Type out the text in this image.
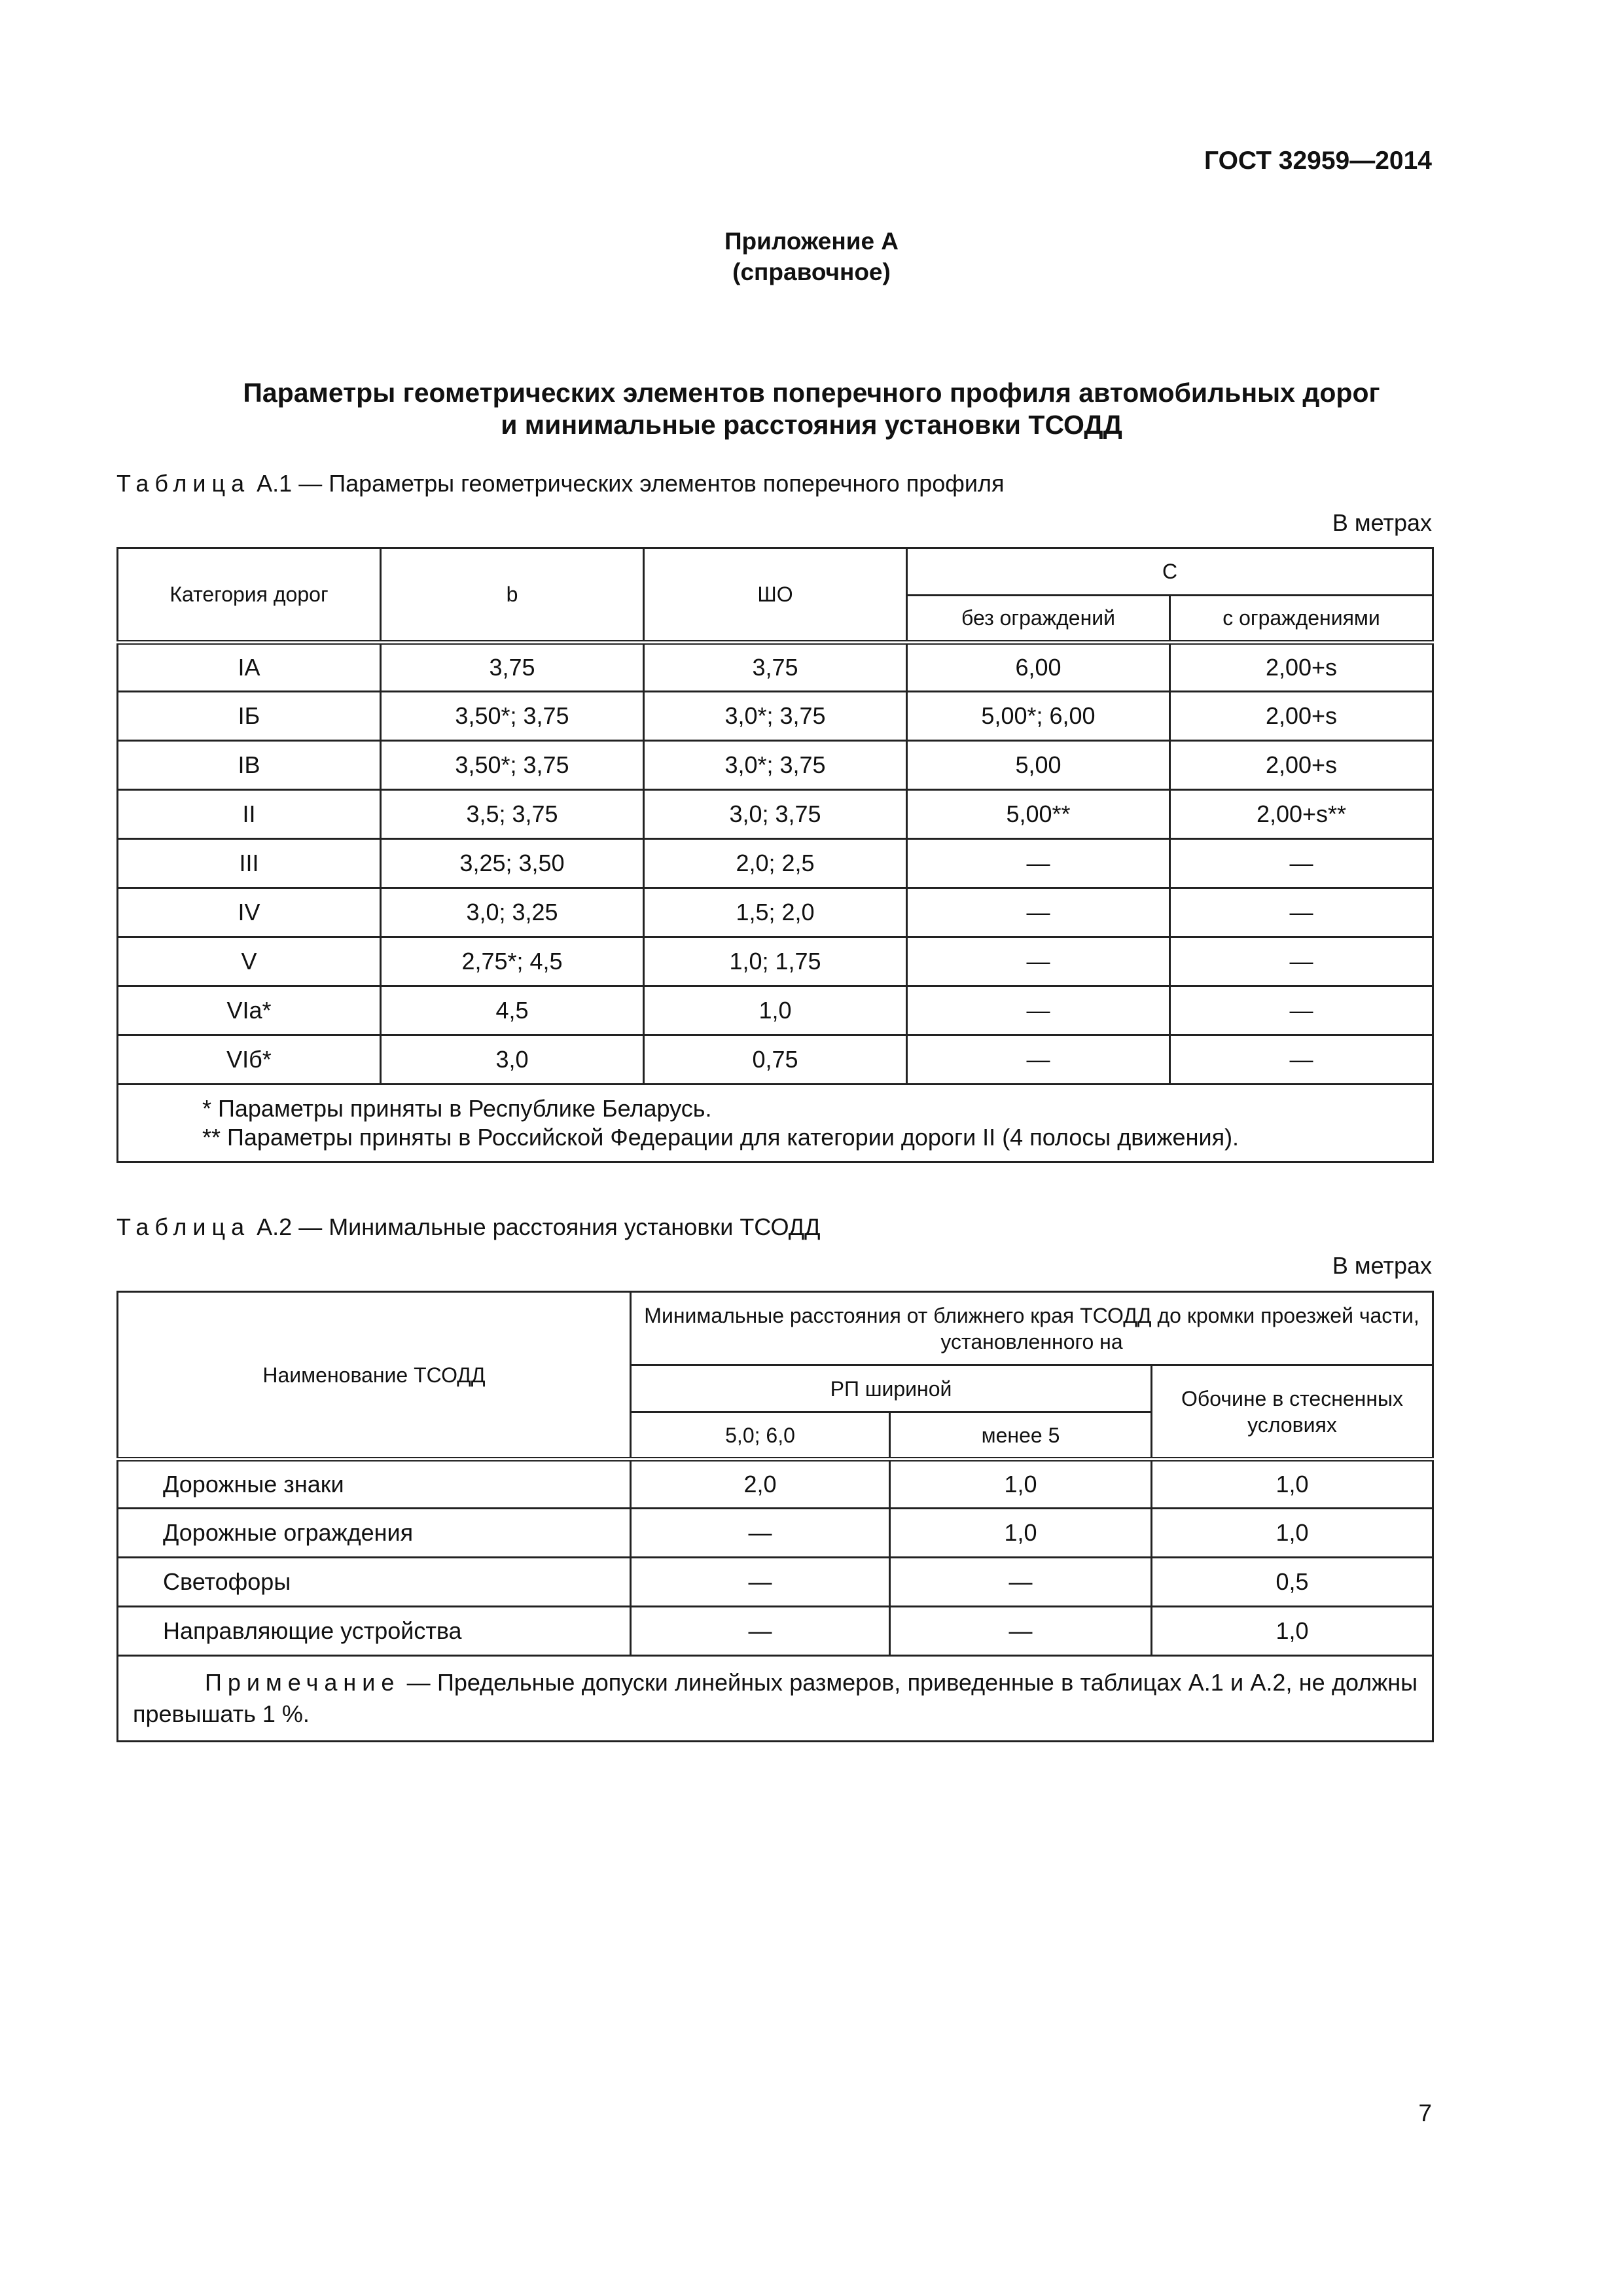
ГОСТ 32959—2014
Приложение А
(справочное)
Параметры геометрических элементов поперечного профиля автомобильных дорог
и минимальные расстояния установки ТСОДД
Таблица А.1 — Параметры геометрических элементов поперечного профиля
В метрах
Категория дорог	b	ШО	С	
			без ограждений	с ограждениями
IА	3,75	3,75	6,00	2,00+s
IБ	3,50*; 3,75	3,0*; 3,75	5,00*; 6,00	2,00+s
IВ	3,50*; 3,75	3,0*; 3,75	5,00	2,00+s
II	3,5; 3,75	3,0; 3,75	5,00**	2,00+s**
III	3,25; 3,50	2,0; 2,5	—	—
IV	3,0; 3,25	1,5; 2,0	—	—
V	2,75*; 4,5	1,0; 1,75	—	—
VIа*	4,5	1,0	—	—
VIб*	3,0	0,75	—	—

* Параметры приняты в Республике Беларусь.
** Параметры приняты в Российской Федерации для категории дороги II (4 полосы движения).				
Таблица А.2 — Минимальные расстояния установки ТСОДД
В метрах
Наименование ТСОДД	Минимальные расстояния от ближнего края ТСОДД до кромки проезжей части, установленного на		
	РП шириной		Обочине в стесненных условиях
	5,0; 6,0	менее 5	
Дорожные знаки	2,0	1,0	1,0
Дорожные ограждения	—	1,0	1,0
Светофоры	—	—	0,5
Направляющие устройства	—	—	1,0
Примечание — Предельные допуски линейных размеров, приведенные в таблицах А.1 и А.2, не должны превышать 1 %.			
7
